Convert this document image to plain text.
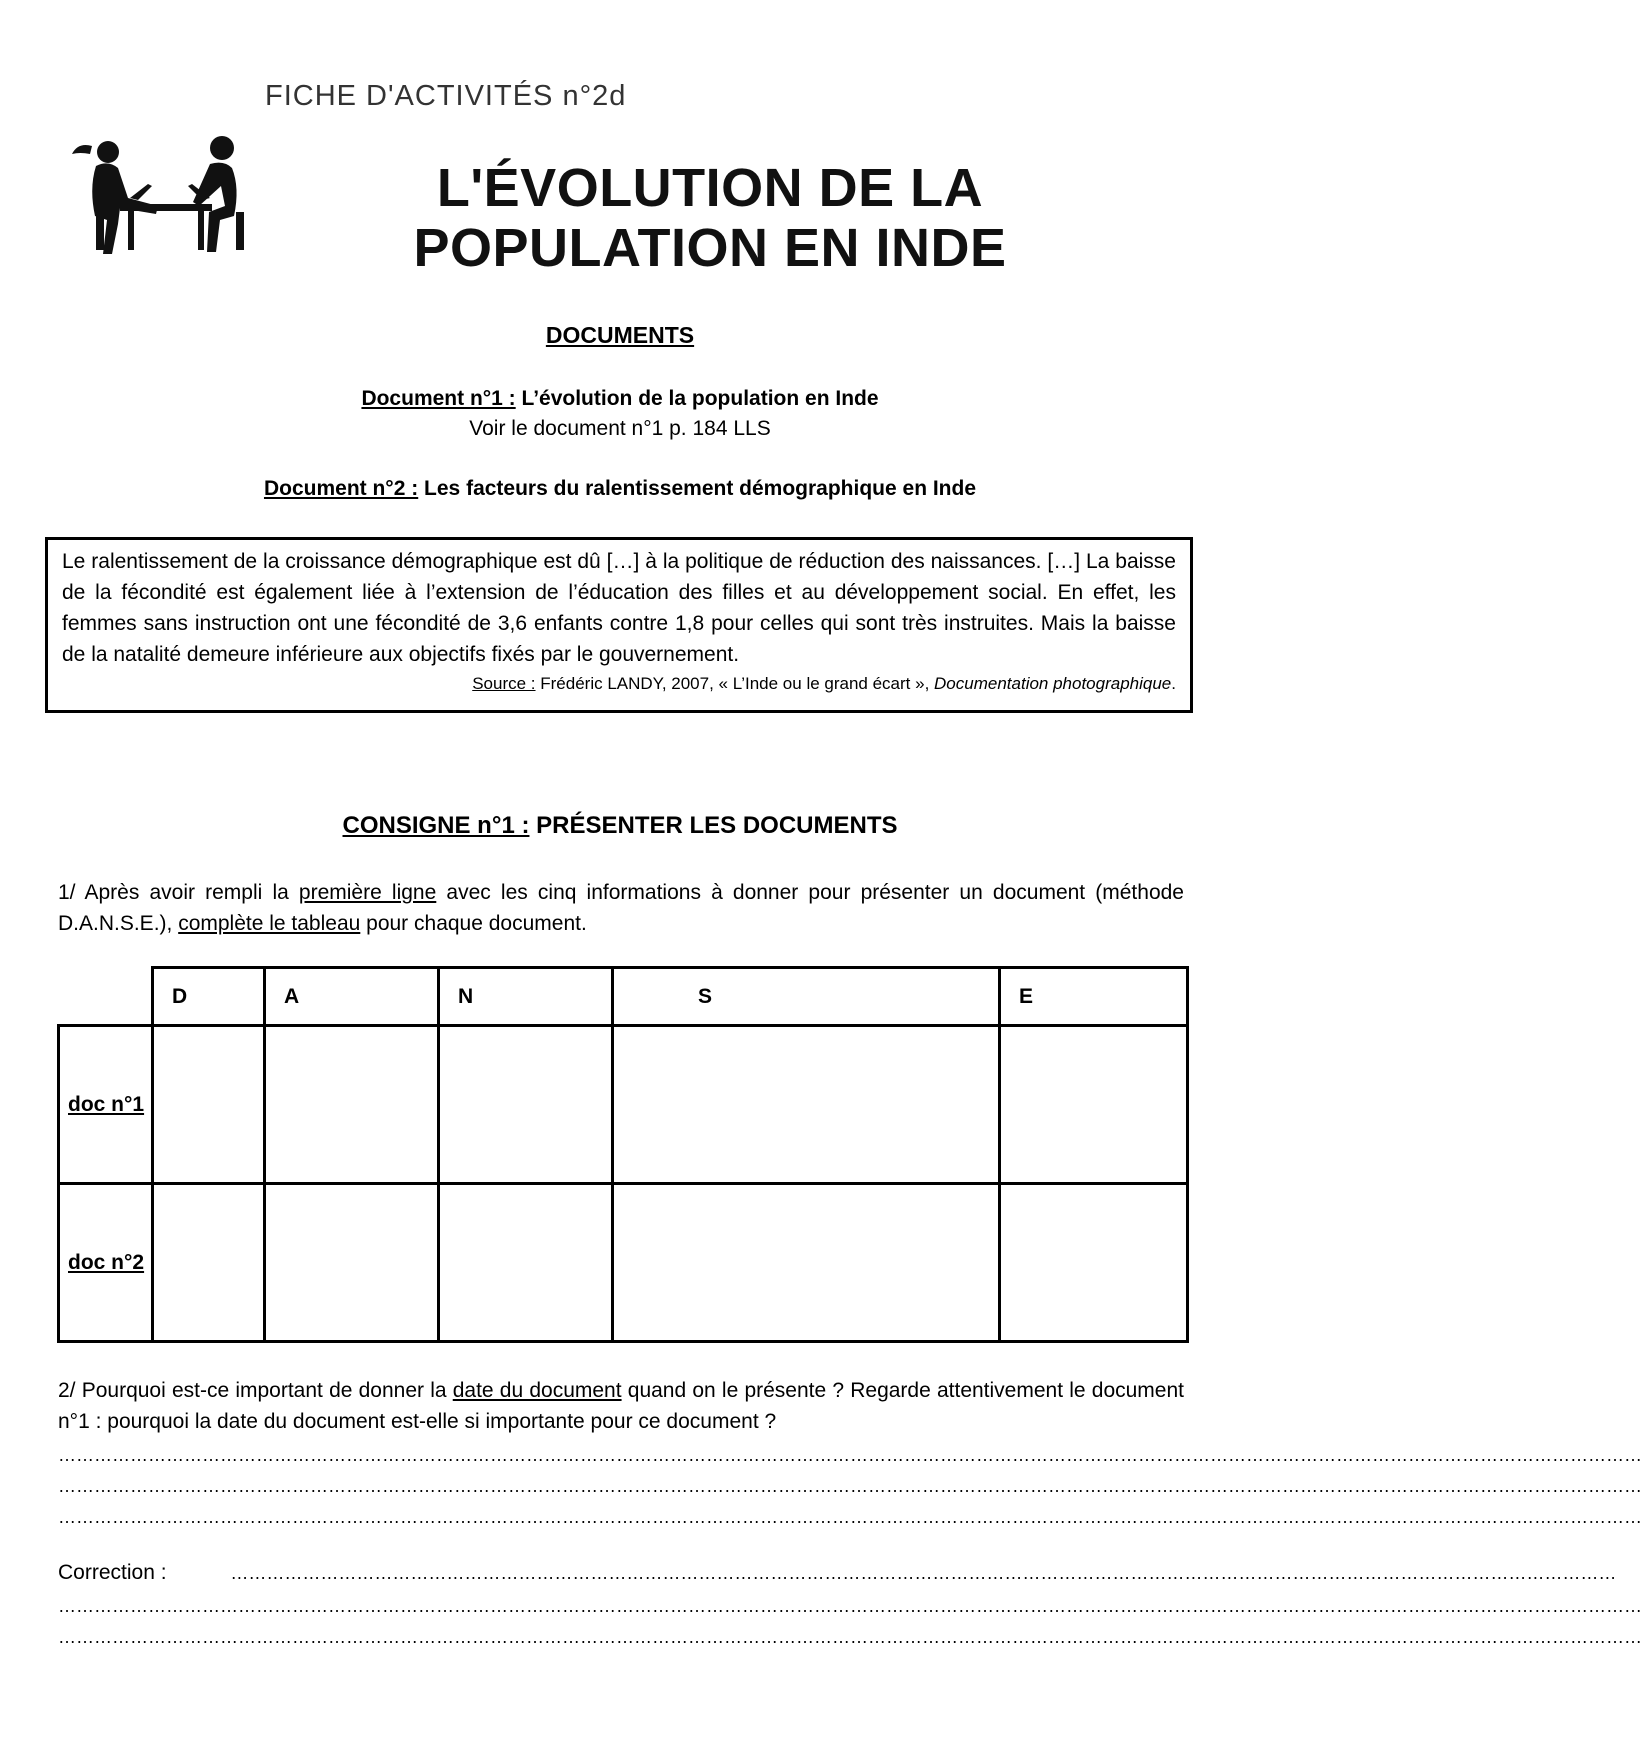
FICHE D'ACTIVITÉS n°2d
L'ÉVOLUTION DE LA
POPULATION EN INDE
DOCUMENTS
Document n°1 : L’évolution de la population en Inde
Voir le document n°1 p. 184 LLS
Document n°2 : Les facteurs du ralentissement démographique en Inde
Le ralentissement de la croissance démographique est dû […] à la politique de réduction des naissances. […] La baisse de la fécondité est également liée à l’extension de l’éducation des filles et au développement social. En effet, les femmes sans instruction ont une fécondité de 3,6 enfants contre 1,8 pour celles qui sont très instruites. Mais la baisse de la natalité demeure inférieure aux objectifs fixés par le gouvernement.
Source : Frédéric LANDY, 2007, « L’Inde ou le grand écart », Documentation photographique.
CONSIGNE n°1 : PRÉSENTER LES DOCUMENTS
1/ Après avoir rempli la première ligne avec les cinq informations à donner pour présenter un document (méthode D.A.N.S.E.), complète le tableau pour chaque document.
	D	A	N	S	E
doc n°1					
doc n°2					
2/ Pourquoi est-ce important de donner la date du document quand on le présente ? Regarde attentivement le document n°1 : pourquoi la date du document est-elle si importante pour ce document ?
…………………………………………………………………………………………………………………………………………………………………………………………………………………………………………
…………………………………………………………………………………………………………………………………………………………………………………………………………………………………………
…………………………………………………………………………………………………………………………………………………………………………………………………………………………………………
Correction :	……………………………………………………………………………………………………………………………………………………………………………………………………………
…………………………………………………………………………………………………………………………………………………………………………………………………………………………………………
…………………………………………………………………………………………………………………………………………………………………………………………………………………………………………
